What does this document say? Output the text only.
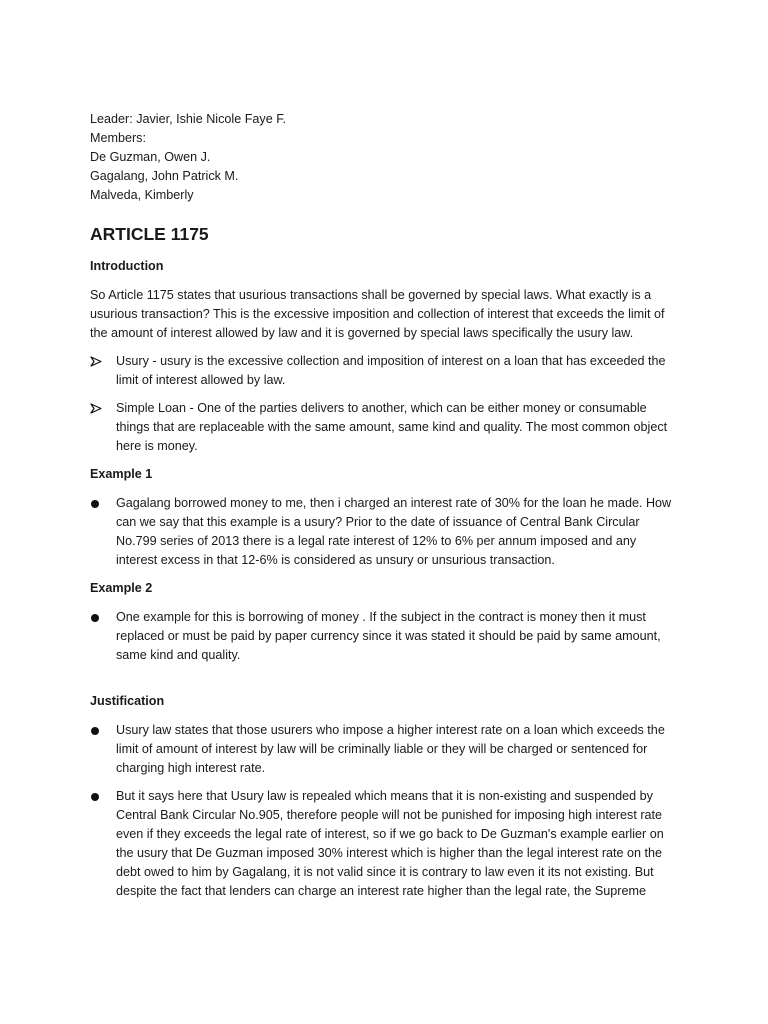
Leader: Javier, Ishie Nicole Faye F.
Members:
De Guzman, Owen J.
Gagalang, John Patrick M.
Malveda, Kimberly
ARTICLE 1175
Introduction
So Article 1175 states that usurious transactions shall be governed by special laws. What exactly is a
usurious transaction? This is the excessive imposition and collection of interest that exceeds the limit of
the amount of interest allowed by law and it is governed by special laws specifically the usury law.
Usury - usury is the excessive collection and imposition of interest on a loan that has exceeded the
limit of interest allowed by law.
Simple Loan - One of the parties delivers to another, which can be either money or consumable
things that are replaceable with the same amount, same kind and quality. The most common object
here is money.
Example 1
Gagalang borrowed money to me, then i charged an interest rate of 30% for the loan he made. How
can we say that this example is a usury? Prior to the date of issuance of Central Bank Circular
No.799 series of 2013 there is a legal rate interest of 12% to 6% per annum imposed and any
interest excess in that 12-6% is considered as unsury or unsurious transaction.
Example 2
One example for this is borrowing of money . If the subject in the contract is money then it must
replaced or must be paid by paper currency since it was stated it should be paid by same amount,
same kind and quality.
Justification
Usury law states that those usurers who impose a higher interest rate on a loan which exceeds the
limit of amount of interest by law will be criminally liable or they will be charged or sentenced for
charging high interest rate.
But it says here that Usury law is repealed which means that it is non-existing and suspended by
Central Bank Circular No.905, therefore people will not be punished for imposing high interest rate
even if they exceeds the legal rate of interest, so if we go back to De Guzman's example earlier on
the usury that De Guzman imposed 30% interest which is higher than the legal interest rate on the
debt owed to him by Gagalang, it is not valid since it is contrary to law even it its not existing. But
despite the fact that lenders can charge an interest rate higher than the legal rate, the Supreme
